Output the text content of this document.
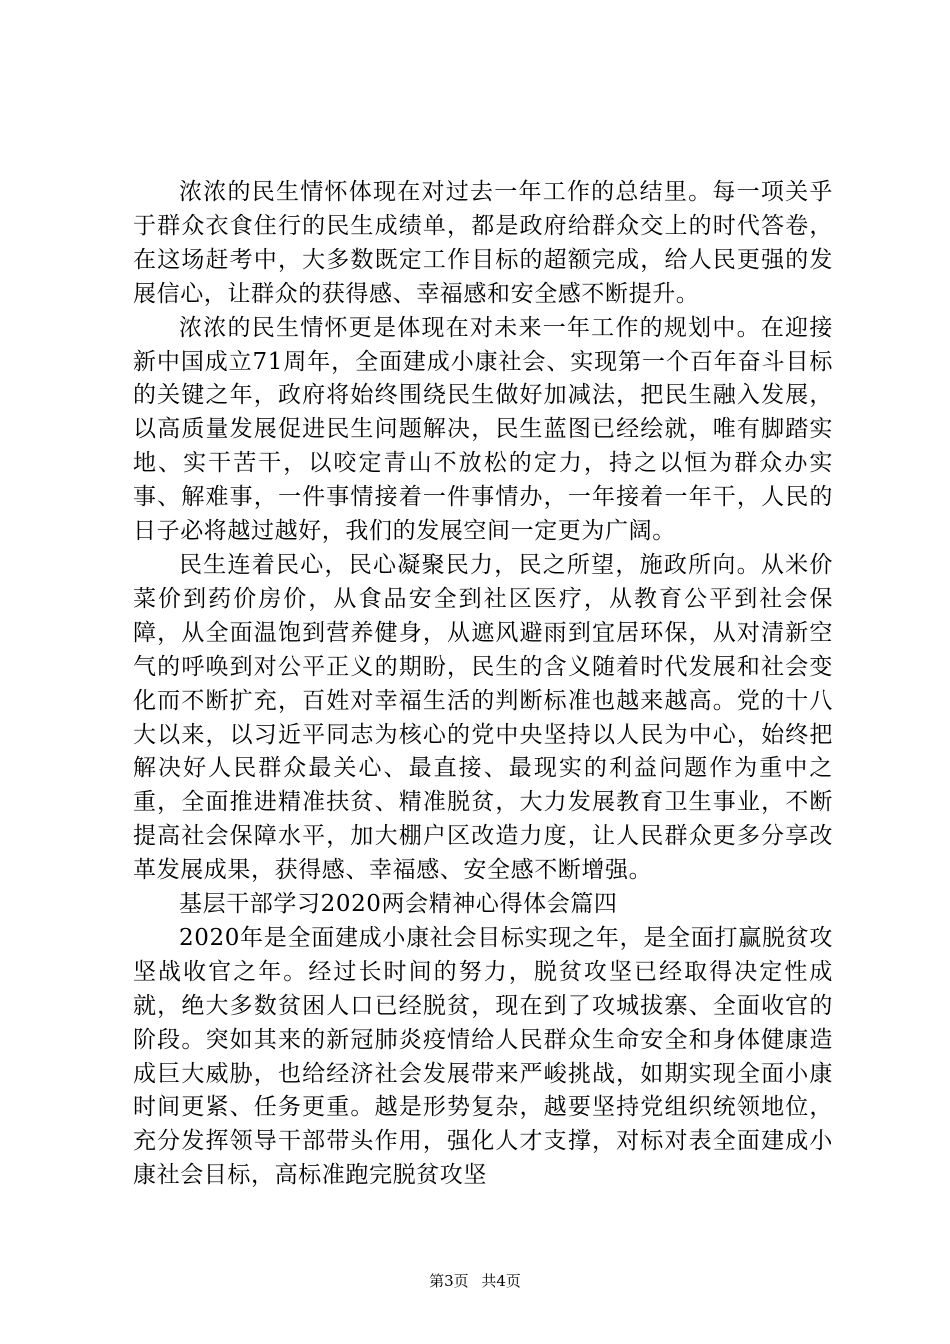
浓浓的民生情怀体现在对过去一年工作的总结里。每一项关乎于群众衣食住行的民生成绩单，都是政府给群众交上的时代答卷，在这场赶考中，大多数既定工作目标的超额完成，给人民更强的发展信心，让群众的获得感、幸福感和安全感不断提升。

浓浓的民生情怀更是体现在对未来一年工作的规划中。在迎接新中国成立71周年，全面建成小康社会、实现第一个百年奋斗目标的关键之年，政府将始终围绕民生做好加减法，把民生融入发展，以高质量发展促进民生问题解决，民生蓝图已经绘就，唯有脚踏实地、实干苦干，以咬定青山不放松的定力，持之以恒为群众办实事、解难事，一件事情接着一件事情办，一年接着一年干，人民的日子必将越过越好，我们的发展空间一定更为广阔。

民生连着民心，民心凝聚民力，民之所望，施政所向。从米价菜价到药价房价，从食品安全到社区医疗，从教育公平到社会保障，从全面温饱到营养健身，从遮风避雨到宜居环保，从对清新空气的呼唤到对公平正义的期盼，民生的含义随着时代发展和社会变化而不断扩充，百姓对幸福生活的判断标准也越来越高。党的十八大以来，以习近平同志为核心的党中央坚持以人民为中心，始终把解决好人民群众最关心、最直接、最现实的利益问题作为重中之重，全面推进精准扶贫、精准脱贫，大力发展教育卫生事业，不断提高社会保障水平，加大棚户区改造力度，让人民群众更多分享改革发展成果，获得感、幸福感、安全感不断增强。

基层干部学习2020两会精神心得体会篇四

2020年是全面建成小康社会目标实现之年，是全面打赢脱贫攻坚战收官之年。经过长时间的努力，脱贫攻坚已经取得决定性成就，绝大多数贫困人口已经脱贫，现在到了攻城拔寨、全面收官的阶段。突如其来的新冠肺炎疫情给人民群众生命安全和身体健康造成巨大威胁，也给经济社会发展带来严峻挑战，如期实现全面小康时间更紧、任务更重。越是形势复杂，越要坚持党组织统领地位，充分发挥领导干部带头作用，强化人才支撑，对标对表全面建成小康社会目标，高标准跑完脱贫攻坚

第3页 共4页
